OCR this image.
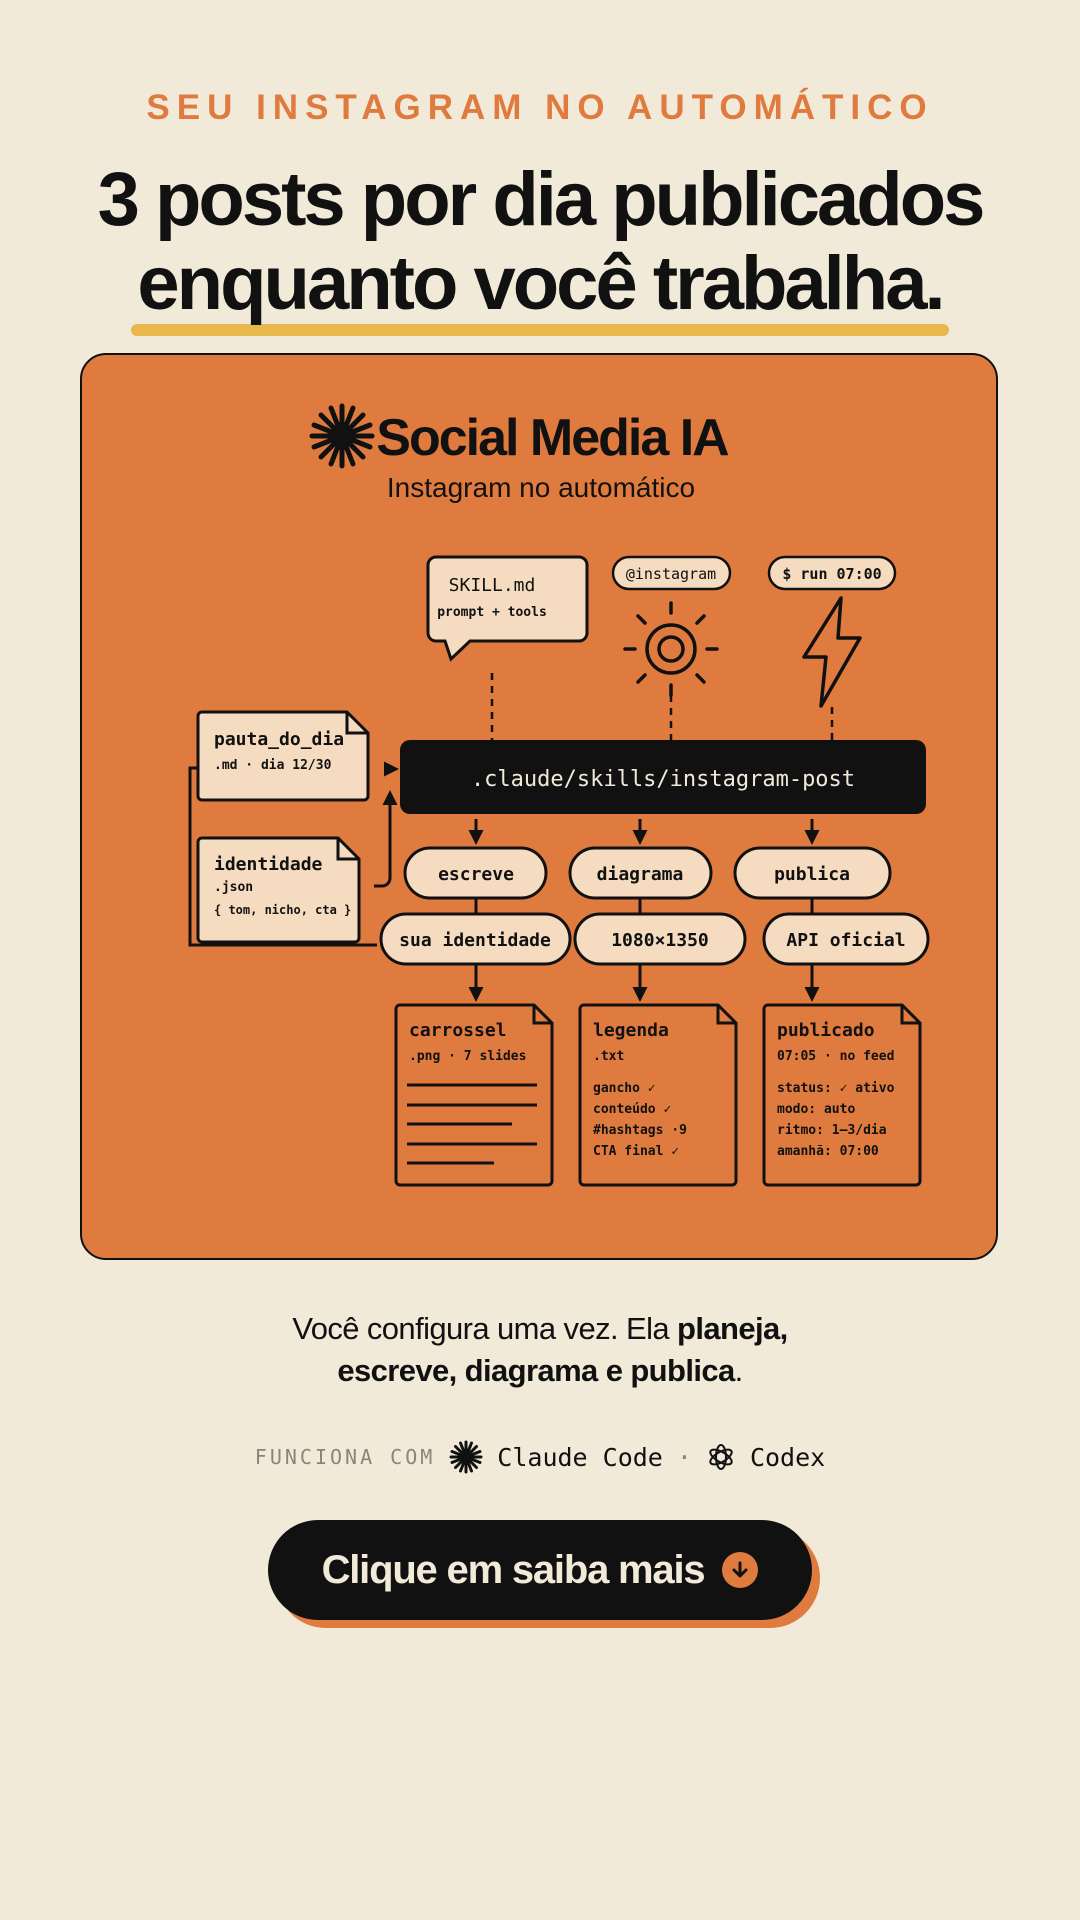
SEU INSTAGRAM NO AUTOMÁTICO
3 posts por dia publicados
enquanto você trabalha.
Social Media IA
Instagram no automático
SKILL.md
prompt + tools
@instagram	$ run 07:00
.claude/skills/instagram-post
pauta_do_dia
.md · dia 12/30
identidade
.json
{ tom, nicho, cta }
escreve	diagrama	publica
sua identidade	1080×1350	API oficial
carrossel
.png · 7 slides
legenda
.txt
gancho ✓
conteúdo ✓
#hashtags ·9
CTA final ✓
publicado
07:05 · no feed
status: ✓ ativo
modo: auto
ritmo: 1–3/dia
amanhã: 07:00
Você configura uma vez. Ela planeja,
escreve, diagrama e publica.
FUNCIONA COM Claude Code · Codex
Clique em saiba mais
